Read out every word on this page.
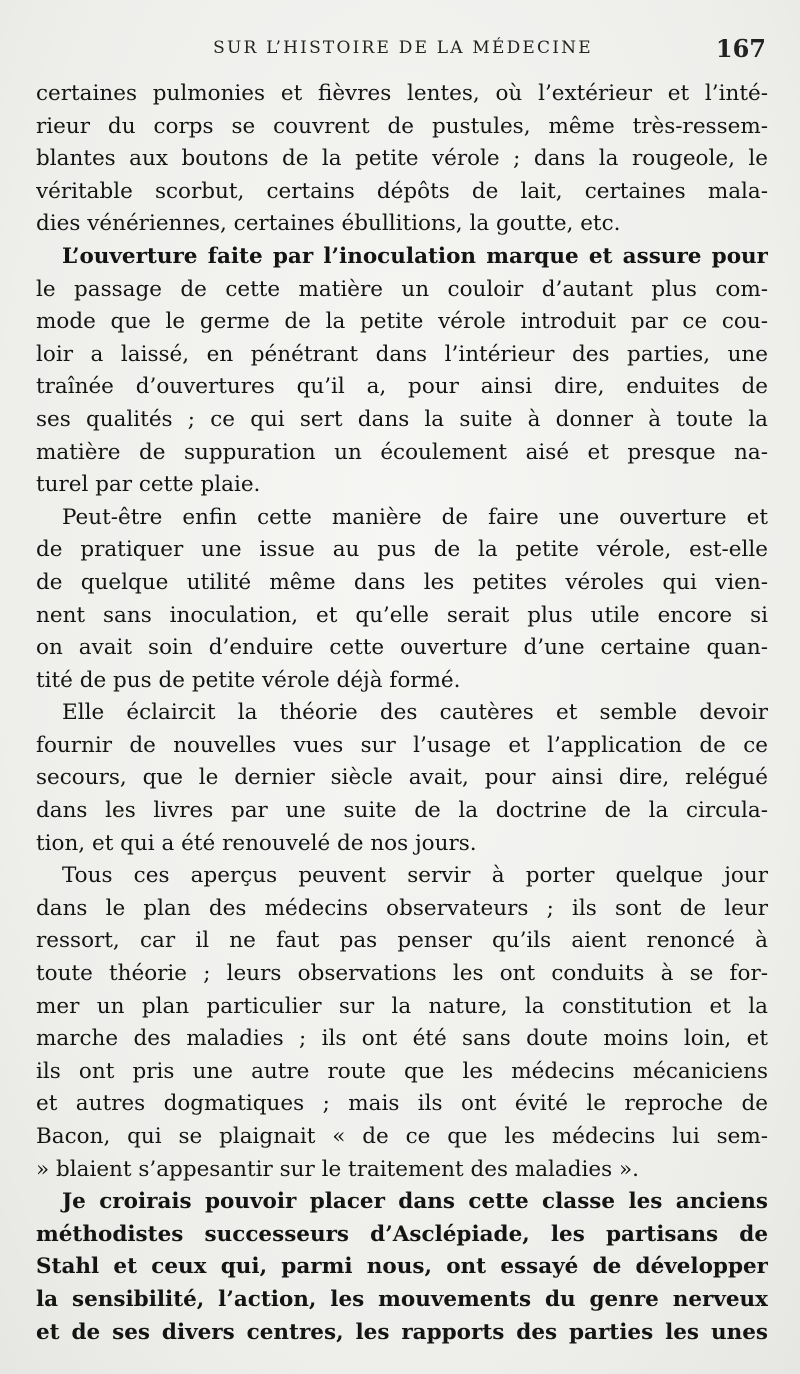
SUR L’HISTOIRE DE LA MÉDECINE	167
certaines pulmonies et fièvres lentes, où l’extérieur et l’inté-
rieur du corps se couvrent de pustules, même très-ressem-
blantes aux boutons de la petite vérole ; dans la rougeole, le
véritable scorbut, certains dépôts de lait, certaines mala-
dies vénériennes, certaines ébullitions, la goutte, etc.
L’ouverture faite par l’inoculation marque et assure pour
le passage de cette matière un couloir d’autant plus com-
mode que le germe de la petite vérole introduit par ce cou-
loir a laissé, en pénétrant dans l’intérieur des parties, une
traînée d’ouvertures qu’il a, pour ainsi dire, enduites de
ses qualités ; ce qui sert dans la suite à donner à toute la
matière de suppuration un écoulement aisé et presque na-
turel par cette plaie.
Peut-être enfin cette manière de faire une ouverture et
de pratiquer une issue au pus de la petite vérole, est-elle
de quelque utilité même dans les petites véroles qui vien-
nent sans inoculation, et qu’elle serait plus utile encore si
on avait soin d’enduire cette ouverture d’une certaine quan-
tité de pus de petite vérole déjà formé.
Elle éclaircit la théorie des cautères et semble devoir
fournir de nouvelles vues sur l’usage et l’application de ce
secours, que le dernier siècle avait, pour ainsi dire, relégué
dans les livres par une suite de la doctrine de la circula-
tion, et qui a été renouvelé de nos jours.
Tous ces aperçus peuvent servir à porter quelque jour
dans le plan des médecins observateurs ; ils sont de leur
ressort, car il ne faut pas penser qu’ils aient renoncé à
toute théorie ; leurs observations les ont conduits à se for-
mer un plan particulier sur la nature, la constitution et la
marche des maladies ; ils ont été sans doute moins loin, et
ils ont pris une autre route que les médecins mécaniciens
et autres dogmatiques ; mais ils ont évité le reproche de
Bacon, qui se plaignait « de ce que les médecins lui sem-
» blaient s’appesantir sur le traitement des maladies ».
Je croirais pouvoir placer dans cette classe les anciens
méthodistes successeurs d’Asclépiade, les partisans de
Stahl et ceux qui, parmi nous, ont essayé de développer
la sensibilité, l’action, les mouvements du genre nerveux
et de ses divers centres, les rapports des parties les unes
